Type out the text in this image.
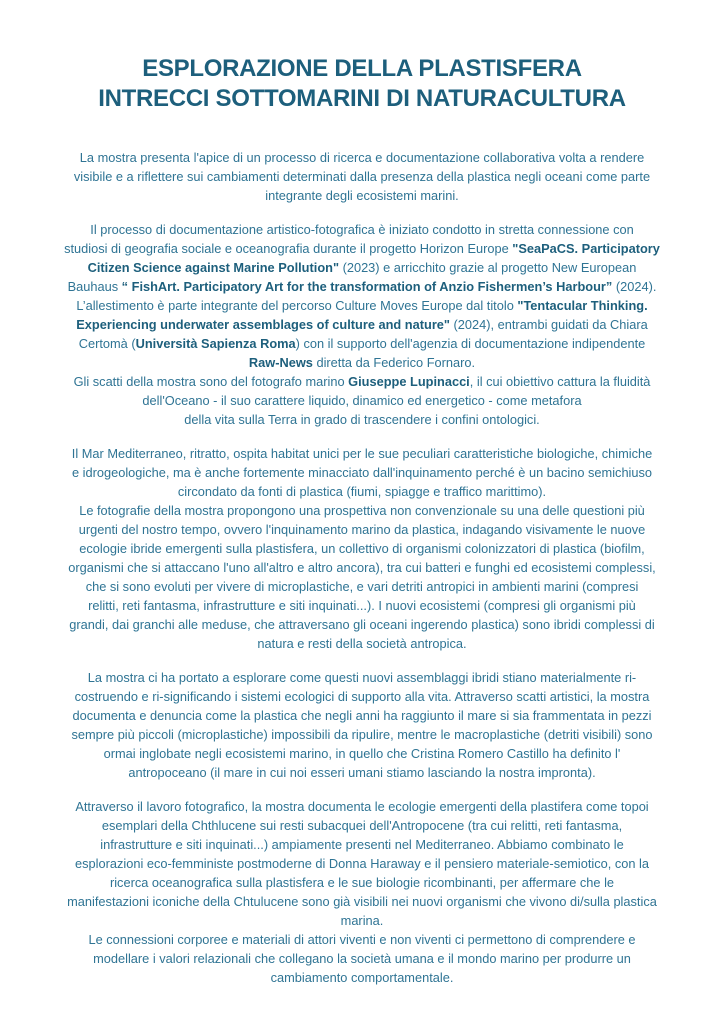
ESPLORAZIONE DELLA PLASTISFERA
INTRECCI SOTTOMARINI DI NATURACULTURA
La mostra presenta l'apice di un processo di ricerca e documentazione collaborativa volta a rendere
visibile e a riflettere sui cambiamenti determinati dalla presenza della plastica negli oceani come parte
integrante degli ecosistemi marini.
Il processo di documentazione artistico-fotografica è iniziato condotto in stretta connessione con
studiosi di geografia sociale e oceanografia durante il progetto Horizon Europe "SeaPaCS. Participatory
Citizen Science against Marine Pollution" (2023) e arricchito grazie al progetto New European
Bauhaus “ FishArt. Participatory Art for the transformation of Anzio Fishermen’s Harbour” (2024).
L’allestimento è parte integrante del percorso Culture Moves Europe dal titolo "Tentacular Thinking.
Experiencing underwater assemblages of culture and nature" (2024), entrambi guidati da Chiara
Certomà (Università Sapienza Roma) con il supporto dell'agenzia di documentazione indipendente
Raw-News diretta da Federico Fornaro.
Gli scatti della mostra sono del fotografo marino Giuseppe Lupinacci, il cui obiettivo cattura la fluidità
dell'Oceano - il suo carattere liquido, dinamico ed energetico - come metafora
della vita sulla Terra in grado di trascendere i confini ontologici.
Il Mar Mediterraneo, ritratto, ospita habitat unici per le sue peculiari caratteristiche biologiche, chimiche
e idrogeologiche, ma è anche fortemente minacciato dall'inquinamento perché è un bacino semichiuso
circondato da fonti di plastica (fiumi, spiagge e traffico marittimo).
Le fotografie della mostra propongono una prospettiva non convenzionale su una delle questioni più
urgenti del nostro tempo, ovvero l'inquinamento marino da plastica, indagando visivamente le nuove
ecologie ibride emergenti sulla plastisfera, un collettivo di organismi colonizzatori di plastica (biofilm,
organismi che si attaccano l'uno all'altro e altro ancora), tra cui batteri e funghi ed ecosistemi complessi,
che si sono evoluti per vivere di microplastiche, e vari detriti antropici in ambienti marini (compresi
relitti, reti fantasma, infrastrutture e siti inquinati...). I nuovi ecosistemi (compresi gli organismi più
grandi, dai granchi alle meduse, che attraversano gli oceani ingerendo plastica) sono ibridi complessi di
natura e resti della società antropica.
La mostra ci ha portato a esplorare come questi nuovi assemblaggi ibridi stiano materialmente ri-
costruendo e ri-significando i sistemi ecologici di supporto alla vita. Attraverso scatti artistici, la mostra
documenta e denuncia come la plastica che negli anni ha raggiunto il mare si sia frammentata in pezzi
sempre più piccoli (microplastiche) impossibili da ripulire, mentre le macroplastiche (detriti visibili) sono
ormai inglobate negli ecosistemi marino, in quello che Cristina Romero Castillo ha definito l'
antropoceano (il mare in cui noi esseri umani stiamo lasciando la nostra impronta).
Attraverso il lavoro fotografico, la mostra documenta le ecologie emergenti della plastifera come topoi
esemplari della Chthlucene sui resti subacquei dell'Antropocene (tra cui relitti, reti fantasma,
infrastrutture e siti inquinati...) ampiamente presenti nel Mediterraneo. Abbiamo combinato le
esplorazioni eco-femministe postmoderne di Donna Haraway e il pensiero materiale-semiotico, con la
ricerca oceanografica sulla plastisfera e le sue biologie ricombinanti, per affermare che le
manifestazioni iconiche della Chtulucene sono già visibili nei nuovi organismi che vivono di/sulla plastica
marina.
Le connessioni corporee e materiali di attori viventi e non viventi ci permettono di comprendere e
modellare i valori relazionali che collegano la società umana e il mondo marino per produrre un
cambiamento comportamentale.
